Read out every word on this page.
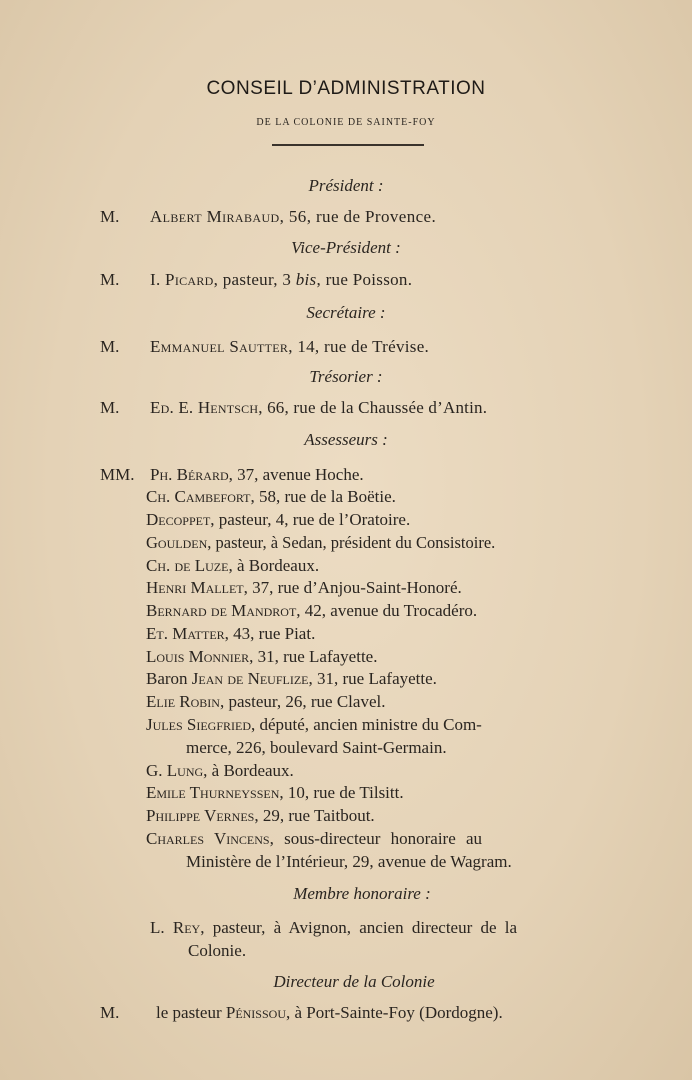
CONSEIL D’ADMINISTRATION
DE LA COLONIE DE SAINTE-FOY
Président :
M. Albert Mirabaud, 56, rue de Provence.
Vice-Président :
M. I. Picard, pasteur, 3 bis, rue Poisson.
Secrétaire :
M. Emmanuel Sautter, 14, rue de Trévise.
Trésorier :
M. Ed. E. Hentsch, 66, rue de la Chaussée d’Antin.
Assesseurs :
MM. Ph. Bérard, 37, avenue Hoche.
Ch. Cambefort, 58, rue de la Boëtie.
Decoppet, pasteur, 4, rue de l’Oratoire.
Goulden, pasteur, à Sedan, président du Consistoire.
Ch. de Luze, à Bordeaux.
Henri Mallet, 37, rue d’Anjou-Saint-Honoré.
Bernard de Mandrot, 42, avenue du Trocadéro.
Et. Matter, 43, rue Piat.
Louis Monnier, 31, rue Lafayette.
Baron Jean de Neuflize, 31, rue Lafayette.
Elie Robin, pasteur, 26, rue Clavel.
Jules Siegfried, député, ancien ministre du Com-
merce, 226, boulevard Saint-Germain.
G. Lung, à Bordeaux.
Emile Thurneyssen, 10, rue de Tilsitt.
Philippe Vernes, 29, rue Taitbout.
Charles Vincens, sous-directeur honoraire au
Ministère de l’Intérieur, 29, avenue de Wagram.
Membre honoraire :
L. Rey, pasteur, à Avignon, ancien directeur de la
Colonie.
Directeur de la Colonie
M. le pasteur Pénissou, à Port-Sainte-Foy (Dordogne).
